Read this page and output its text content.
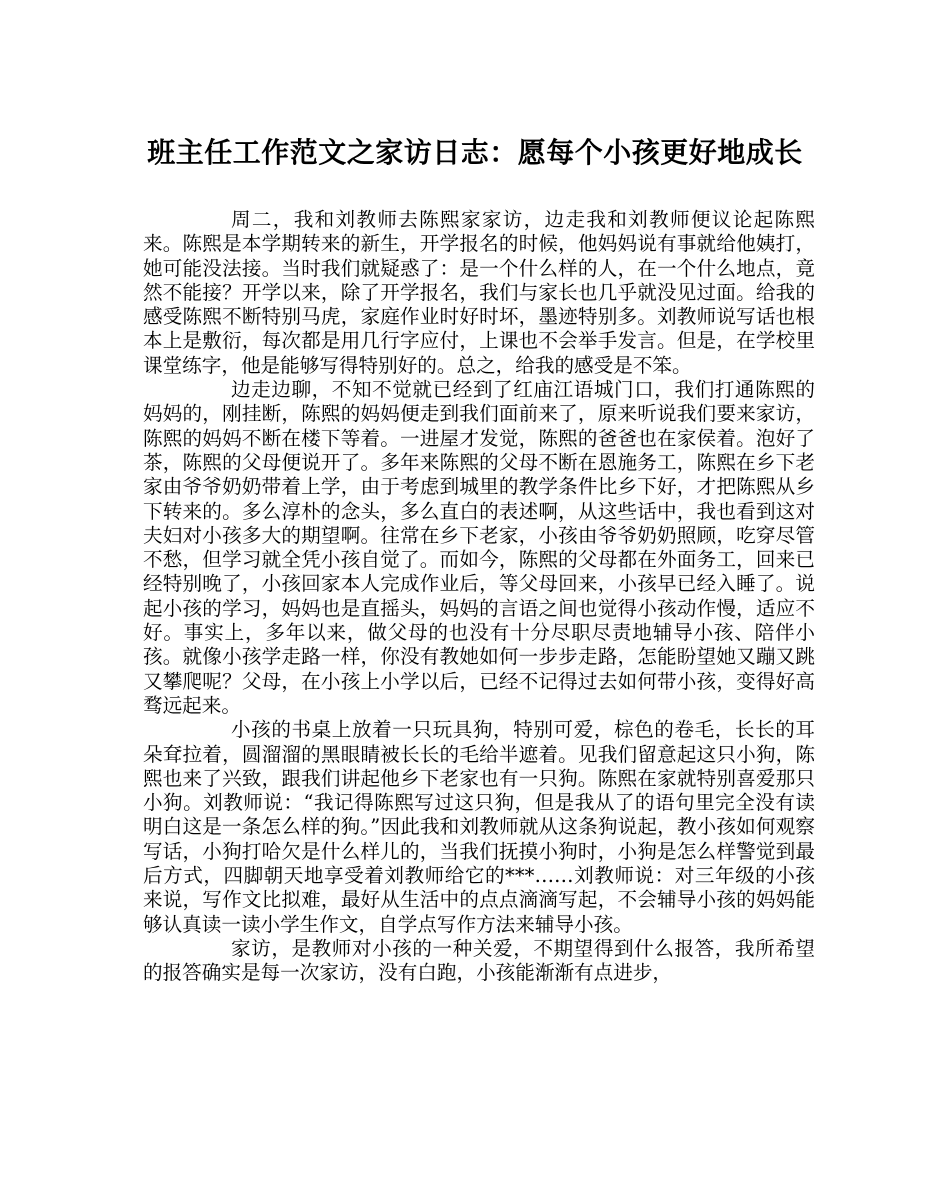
班主任工作范文之家访日志：愿每个小孩更好地成长

周二，我和刘教师去陈熙家家访，边走我和刘教师便议论起陈熙来。陈熙是本学期转来的新生，开学报名的时候，他妈妈说有事就给他姨打，她可能没法接。当时我们就疑惑了：是一个什么样的人，在一个什么地点，竟然不能接？开学以来，除了开学报名，我们与家长也几乎就没见过面。给我的感受陈熙不断特别马虎，家庭作业时好时坏，墨迹特别多。刘教师说写话也根本上是敷衍，每次都是用几行字应付，上课也不会举手发言。但是，在学校里课堂练字，他是能够写得特别好的。总之，给我的感受是不笨。

边走边聊，不知不觉就已经到了红庙江语城门口，我们打通陈熙的妈妈的，刚挂断，陈熙的妈妈便走到我们面前来了，原来听说我们要来家访，陈熙的妈妈不断在楼下等着。一进屋才发觉，陈熙的爸爸也在家侯着。泡好了茶，陈熙的父母便说开了。多年来陈熙的父母不断在恩施务工，陈熙在乡下老家由爷爷奶奶带着上学，由于考虑到城里的教学条件比乡下好，才把陈熙从乡下转来的。多么淳朴的念头，多么直白的表述啊，从这些话中，我也看到这对夫妇对小孩多大的期望啊。往常在乡下老家，小孩由爷爷奶奶照顾，吃穿尽管不愁，但学习就全凭小孩自觉了。而如今，陈熙的父母都在外面务工，回来已经特别晚了，小孩回家本人完成作业后，等父母回来，小孩早已经入睡了。说起小孩的学习，妈妈也是直摇头，妈妈的言语之间也觉得小孩动作慢，适应不好。事实上，多年以来，做父母的也没有十分尽职尽责地辅导小孩、陪伴小孩。就像小孩学走路一样，你没有教她如何一步步走路，怎能盼望她又蹦又跳又攀爬呢？父母，在小孩上小学以后，已经不记得过去如何带小孩，变得好高骛远起来。

小孩的书桌上放着一只玩具狗，特别可爱，棕色的卷毛，长长的耳朵耷拉着，圆溜溜的黑眼睛被长长的毛给半遮着。见我们留意起这只小狗，陈熙也来了兴致，跟我们讲起他乡下老家也有一只狗。陈熙在家就特别喜爱那只小狗。刘教师说：“我记得陈熙写过这只狗，但是我从了的语句里完全没有读明白这是一条怎么样的狗。”因此我和刘教师就从这条狗说起，教小孩如何观察写话，小狗打哈欠是什么样儿的，当我们抚摸小狗时，小狗是怎么样警觉到最后方式，四脚朝天地享受着刘教师给它的***……刘教师说：对三年级的小孩来说，写作文比拟难，最好从生活中的点点滴滴写起，不会辅导小孩的妈妈能够认真读一读小学生作文，自学点写作方法来辅导小孩。

家访，是教师对小孩的一种关爱，不期望得到什么报答，我所希望的报答确实是每一次家访，没有白跑，小孩能渐渐有点进步，
